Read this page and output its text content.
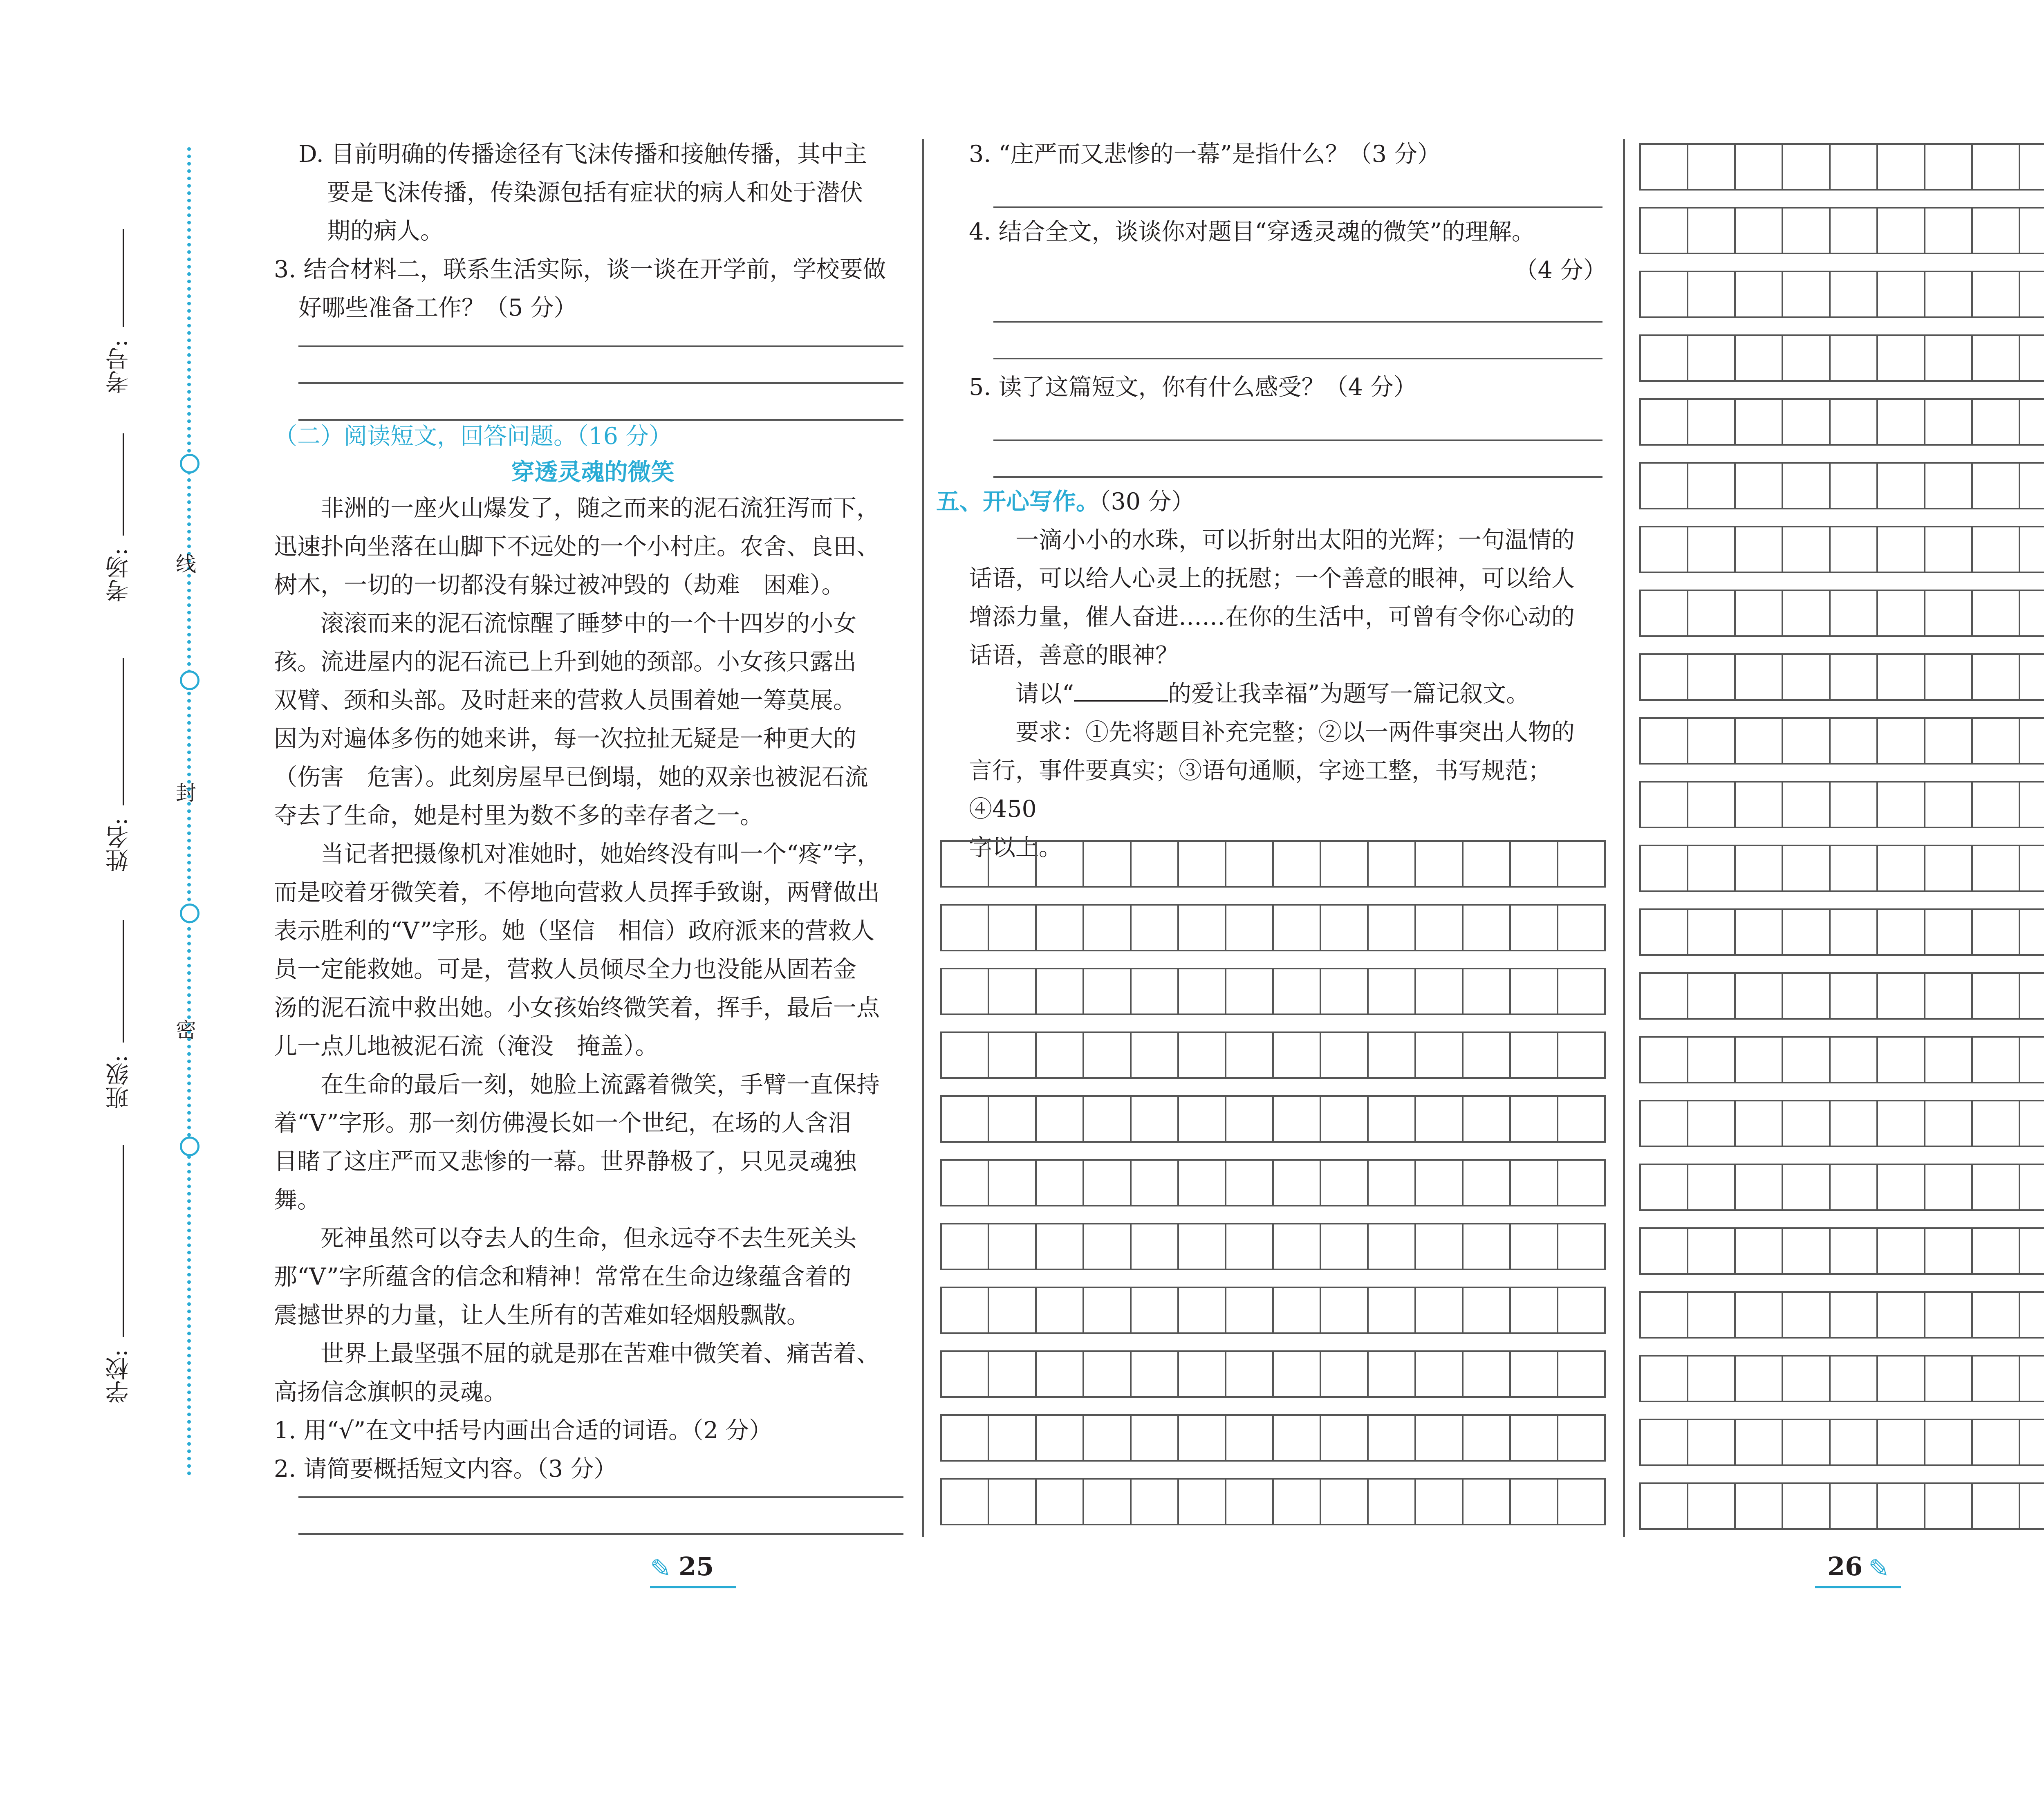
线
封
密
考号:
考场:
姓名:
班级:
学校:
D. 目前明确的传播途径有飞沫传播和接触传播，其中主
要是飞沫传播，传染源包括有症状的病人和处于潜伏
期的病人。
3. 结合材料二，联系生活实际，谈一谈在开学前，学校要做
好哪些准备工作？（5 分）
（二）阅读短文，回答问题。（16 分）
穿透灵魂的微笑
非洲的一座火山爆发了，随之而来的泥石流狂泻而下，
迅速扑向坐落在山脚下不远处的一个小村庄。农舍、良田、
树木，一切的一切都没有躲过被冲毁的（劫难　困难）。
滚滚而来的泥石流惊醒了睡梦中的一个十四岁的小女
孩。流进屋内的泥石流已上升到她的颈部。小女孩只露出
双臂、颈和头部。及时赶来的营救人员围着她一筹莫展。
因为对遍体多伤的她来讲，每一次拉扯无疑是一种更大的
（伤害　危害）。此刻房屋早已倒塌，她的双亲也被泥石流
夺去了生命，她是村里为数不多的幸存者之一。
当记者把摄像机对准她时，她始终没有叫一个“疼”字，
而是咬着牙微笑着，不停地向营救人员挥手致谢，两臂做出
表示胜利的“V”字形。她（坚信　相信）政府派来的营救人
员一定能救她。可是，营救人员倾尽全力也没能从固若金
汤的泥石流中救出她。小女孩始终微笑着，挥手，最后一点
儿一点儿地被泥石流（淹没　掩盖）。
在生命的最后一刻，她脸上流露着微笑，手臂一直保持
着“V”字形。那一刻仿佛漫长如一个世纪，在场的人含泪
目睹了这庄严而又悲惨的一幕。世界静极了，只见灵魂独
舞。
死神虽然可以夺去人的生命，但永远夺不去生死关头
那“V”字所蕴含的信念和精神！常常在生命边缘蕴含着的
震撼世界的力量，让人生所有的苦难如轻烟般飘散。
世界上最坚强不屈的就是那在苦难中微笑着、痛苦着、
高扬信念旗帜的灵魂。
1. 用“√”在文中括号内画出合适的词语。（2 分）
2. 请简要概括短文内容。（3 分）
✎ 25
3. “庄严而又悲惨的一幕”是指什么？（3 分）
4. 结合全文，谈谈你对题目“穿透灵魂的微笑”的理解。
（4 分）
5. 读了这篇短文，你有什么感受？（4 分）
五、开心写作。（30 分）
一滴小小的水珠，可以折射出太阳的光辉；一句温情的
话语，可以给人心灵上的抚慰；一个善意的眼神，可以给人
增添力量，催人奋进……在你的生活中，可曾有令你心动的
话语，善意的眼神？
请以“	的爱让我幸福”为题写一篇记叙文。
要求：①先将题目补充完整；②以一两件事突出人物的
言行，事件要真实；③语句通顺，字迹工整，书写规范；④450
字以上。
26 ✎
